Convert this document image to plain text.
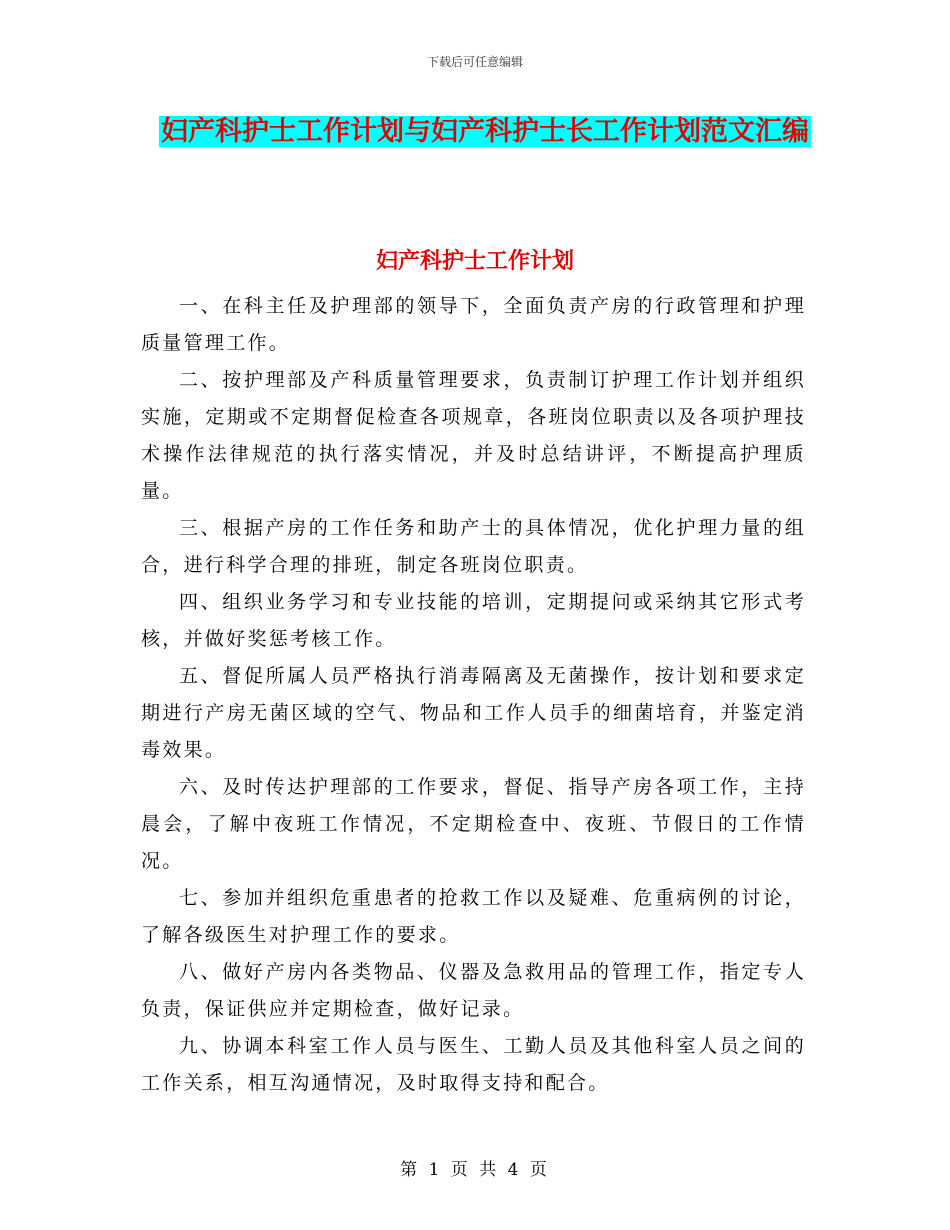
下载后可任意编辑
妇产科护士工作计划与妇产科护士长工作计划范文汇编
妇产科护士工作计划

一、在科主任及护理部的领导下，全面负责产房的行政管理和护理质量管理工作。

二、按护理部及产科质量管理要求，负责制订护理工作计划并组织实施，定期或不定期督促检查各项规章，各班岗位职责以及各项护理技术操作法律规范的执行落实情况，并及时总结讲评，不断提高护理质量。

三、根据产房的工作任务和助产士的具体情况，优化护理力量的组合，进行科学合理的排班，制定各班岗位职责。

四、组织业务学习和专业技能的培训，定期提问或采纳其它形式考核，并做好奖惩考核工作。

五、督促所属人员严格执行消毒隔离及无菌操作，按计划和要求定期进行产房无菌区域的空气、物品和工作人员手的细菌培育，并鉴定消毒效果。

六、及时传达护理部的工作要求，督促、指导产房各项工作，主持晨会，了解中夜班工作情况，不定期检查中、夜班、节假日的工作情况。

七、参加并组织危重患者的抢救工作以及疑难、危重病例的讨论，了解各级医生对护理工作的要求。

八、做好产房内各类物品、仪器及急救用品的管理工作，指定专人负责，保证供应并定期检查，做好记录。

九、协调本科室工作人员与医生、工勤人员及其他科室人员之间的工作关系，相互沟通情况，及时取得支持和配合。

第 1 页 共 4 页
